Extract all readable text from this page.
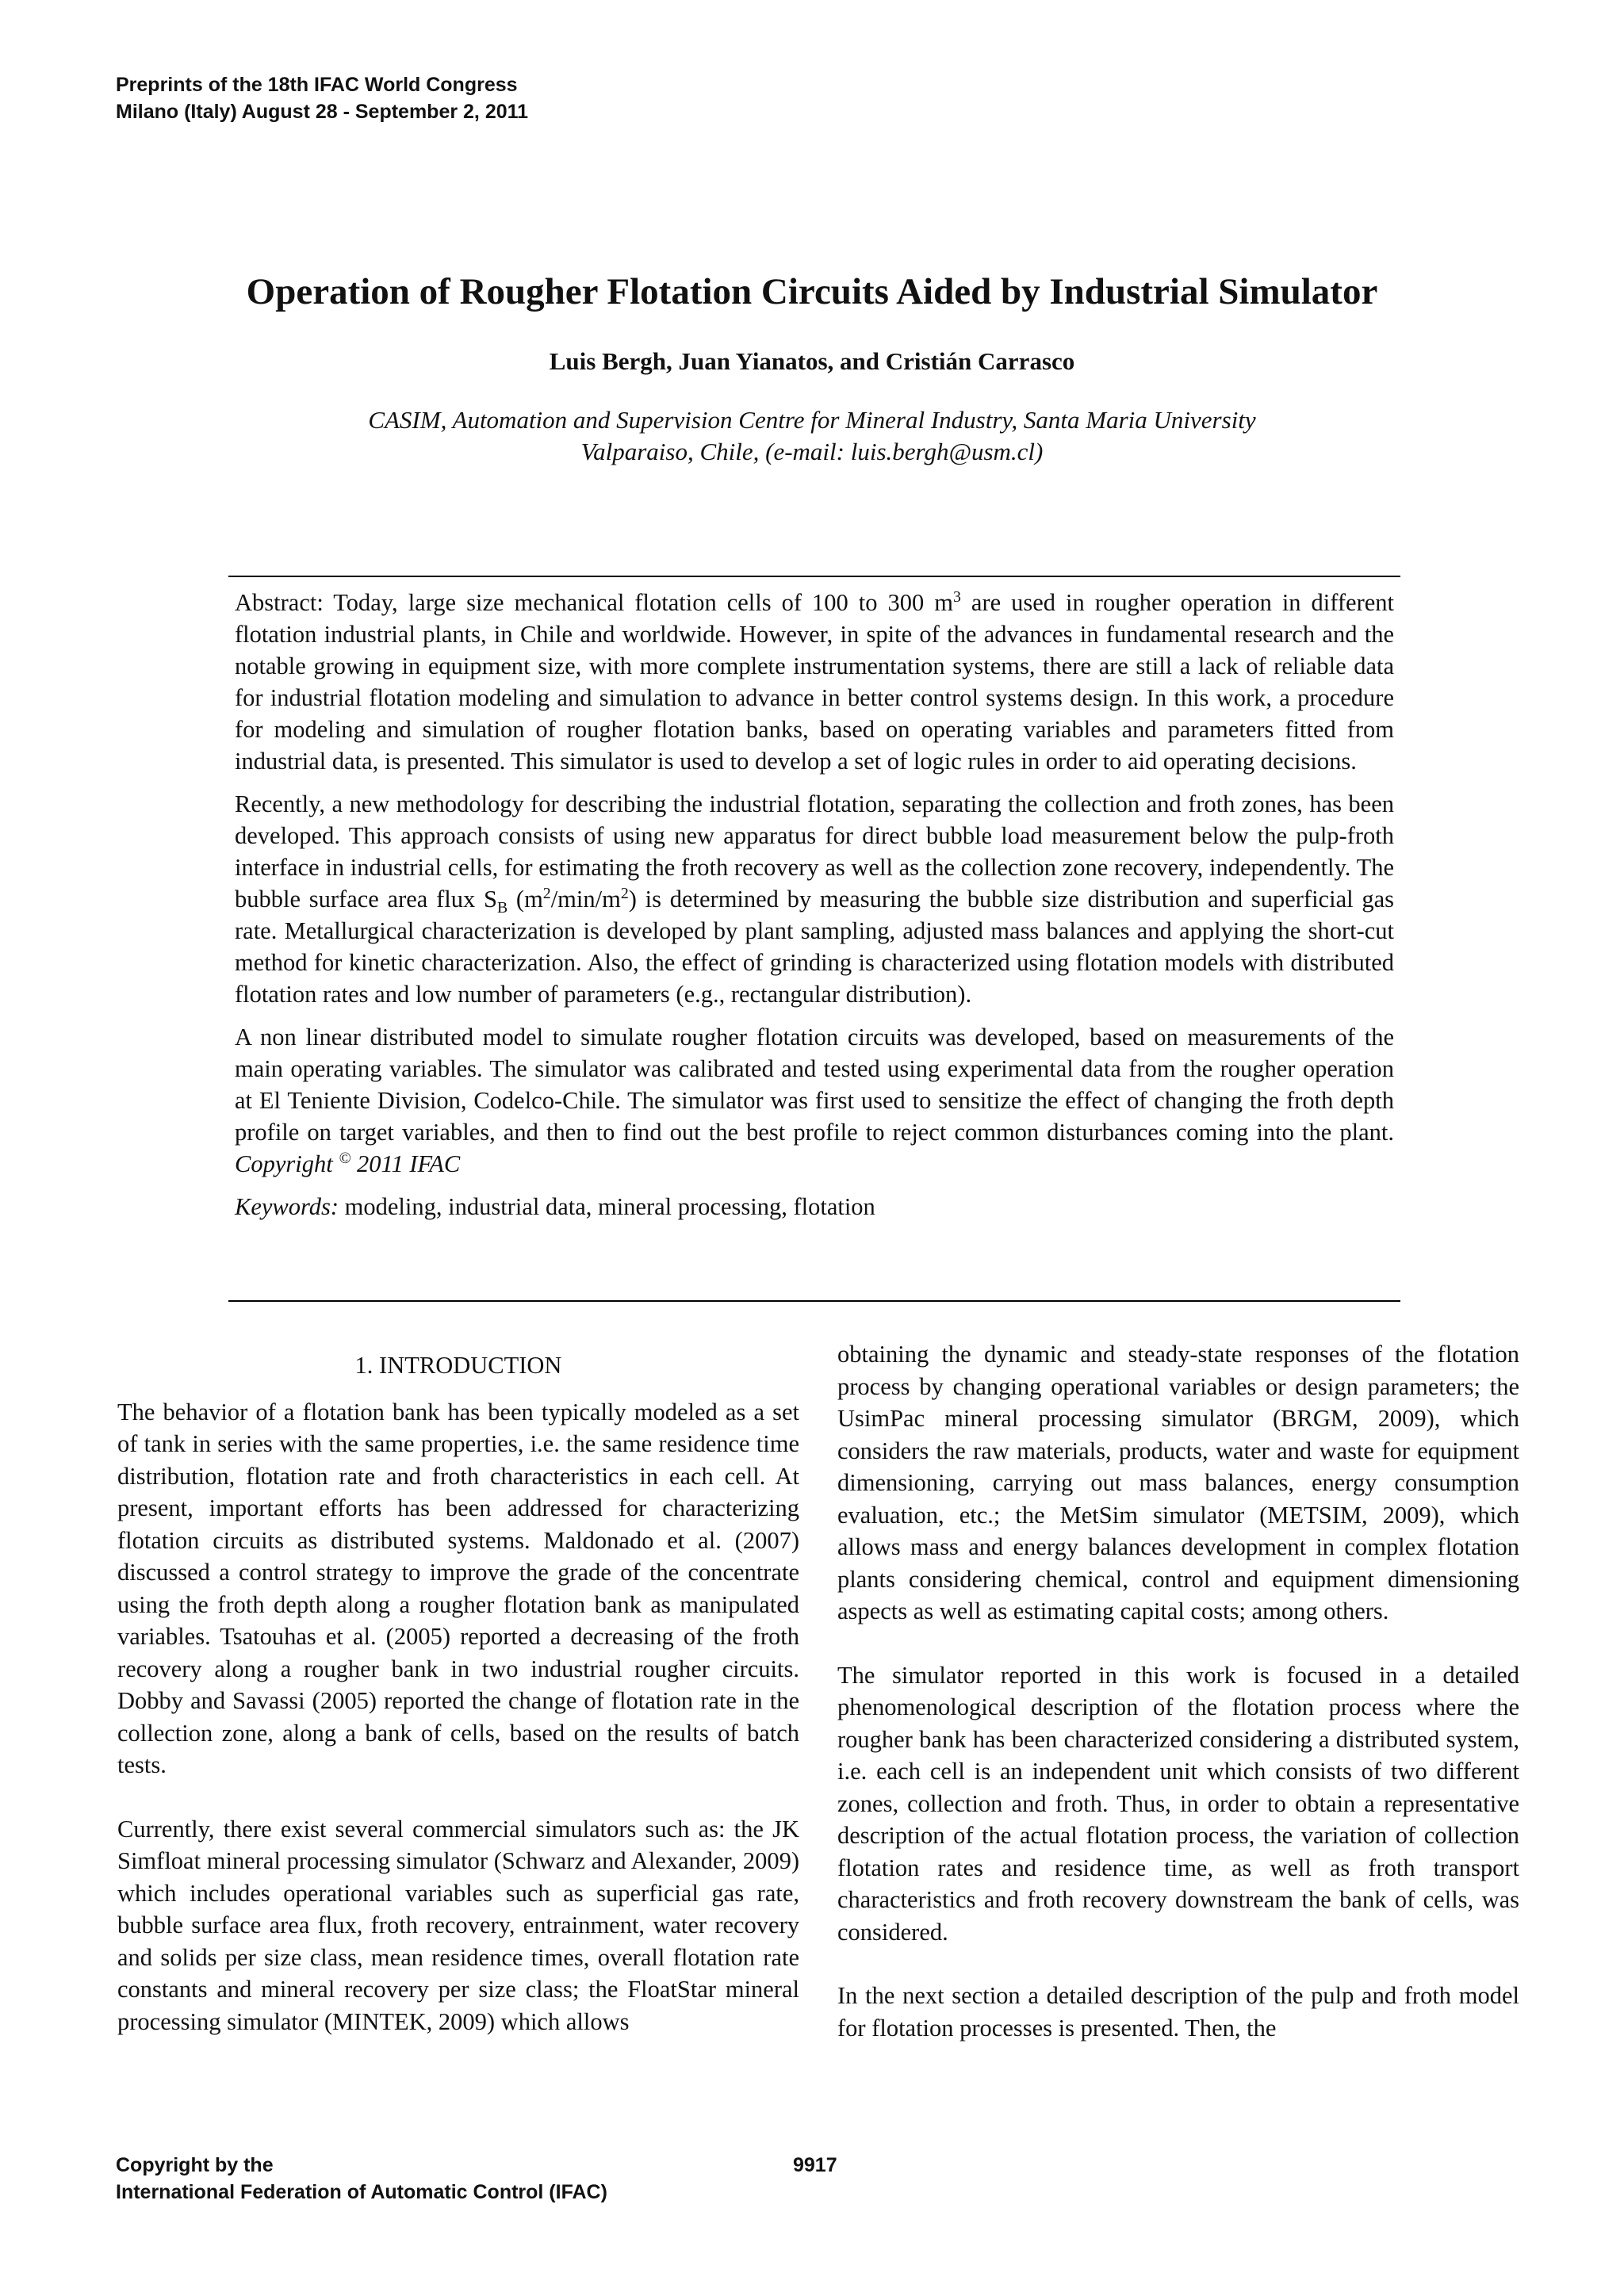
Preprints of the 18th IFAC World Congress
Milano (Italy) August 28 - September 2, 2011
Operation of Rougher Flotation Circuits Aided by Industrial Simulator
Luis Bergh, Juan Yianatos, and Cristián Carrasco
CASIM, Automation and Supervision Centre for Mineral Industry, Santa Maria University
Valparaiso, Chile, (e-mail: luis.bergh@usm.cl)

Abstract: Today, large size mechanical flotation cells of 100 to 300 $m^3$ are used in rougher operation in different flotation industrial plants, in Chile and worldwide. However, in spite of the advances in fundamental research and the notable growing in equipment size, with more complete instrumentation systems, there are still a lack of reliable data for industrial flotation modeling and simulation to advance in better control systems design. In this work, a procedure for modeling and simulation of rougher flotation banks, based on operating variables and parameters fitted from industrial data, is presented. This simulator is used to develop a set of logic rules in order to aid operating decisions.

Recently, a new methodology for describing the industrial flotation, separating the collection and froth zones, has been developed. This approach consists of using new apparatus for direct bubble load measurement below the pulp-froth interface in industrial cells, for estimating the froth recovery as well as the collection zone recovery, independently. The bubble surface area flux $S_B$ $(m^2/\min/m^2)$ is determined by measuring the bubble size distribution and superficial gas rate. Metallurgical characterization is developed by plant sampling, adjusted mass balances and applying the short-cut method for kinetic characterization. Also, the effect of grinding is characterized using flotation models with distributed flotation rates and low number of parameters (e.g., rectangular distribution).

A non linear distributed model to simulate rougher flotation circuits was developed, based on measurements of the main operating variables. The simulator was calibrated and tested using experimental data from the rougher operation at El Teniente Division, Codelco-Chile. The simulator was first used to sensitize the effect of changing the froth depth profile on target variables, and then to find out the best profile to reject common disturbances coming into the plant. Copyright © 2011 IFAC

Keywords: modeling, industrial data, mineral processing, flotation

1. INTRODUCTION

The behavior of a flotation bank has been typically modeled as a set of tank in series with the same properties, i.e. the same residence time distribution, flotation rate and froth characteristics in each cell. At present, important efforts has been addressed for characterizing flotation circuits as distributed systems. Maldonado et al. (2007) discussed a control strategy to improve the grade of the concentrate using the froth depth along a rougher flotation bank as manipulated variables. Tsatouhas et al. (2005) reported a decreasing of the froth recovery along a rougher bank in two industrial rougher circuits. Dobby and Savassi (2005) reported the change of flotation rate in the collection zone, along a bank of cells, based on the results of batch tests.

Currently, there exist several commercial simulators such as: the JK Simfloat mineral processing simulator (Schwarz and Alexander, 2009) which includes operational variables such as superficial gas rate, bubble surface area flux, froth recovery, entrainment, water recovery and solids per size class, mean residence times, overall flotation rate constants and mineral recovery per size class; the FloatStar mineral processing simulator (MINTEK, 2009) which allows

obtaining the dynamic and steady-state responses of the flotation process by changing operational variables or design parameters; the UsimPac mineral processing simulator (BRGM, 2009), which considers the raw materials, products, water and waste for equipment dimensioning, carrying out mass balances, energy consumption evaluation, etc.; the MetSim simulator (METSIM, 2009), which allows mass and energy balances development in complex flotation plants considering chemical, control and equipment dimensioning aspects as well as estimating capital costs; among others.

The simulator reported in this work is focused in a detailed phenomenological description of the flotation process where the rougher bank has been characterized considering a distributed system, i.e. each cell is an independent unit which consists of two different zones, collection and froth. Thus, in order to obtain a representative description of the actual flotation process, the variation of collection flotation rates and residence time, as well as froth transport characteristics and froth recovery downstream the bank of cells, was considered.

In the next section a detailed description of the pulp and froth model for flotation processes is presented. Then, the

Copyright by the
International Federation of Automatic Control (IFAC)
9917
